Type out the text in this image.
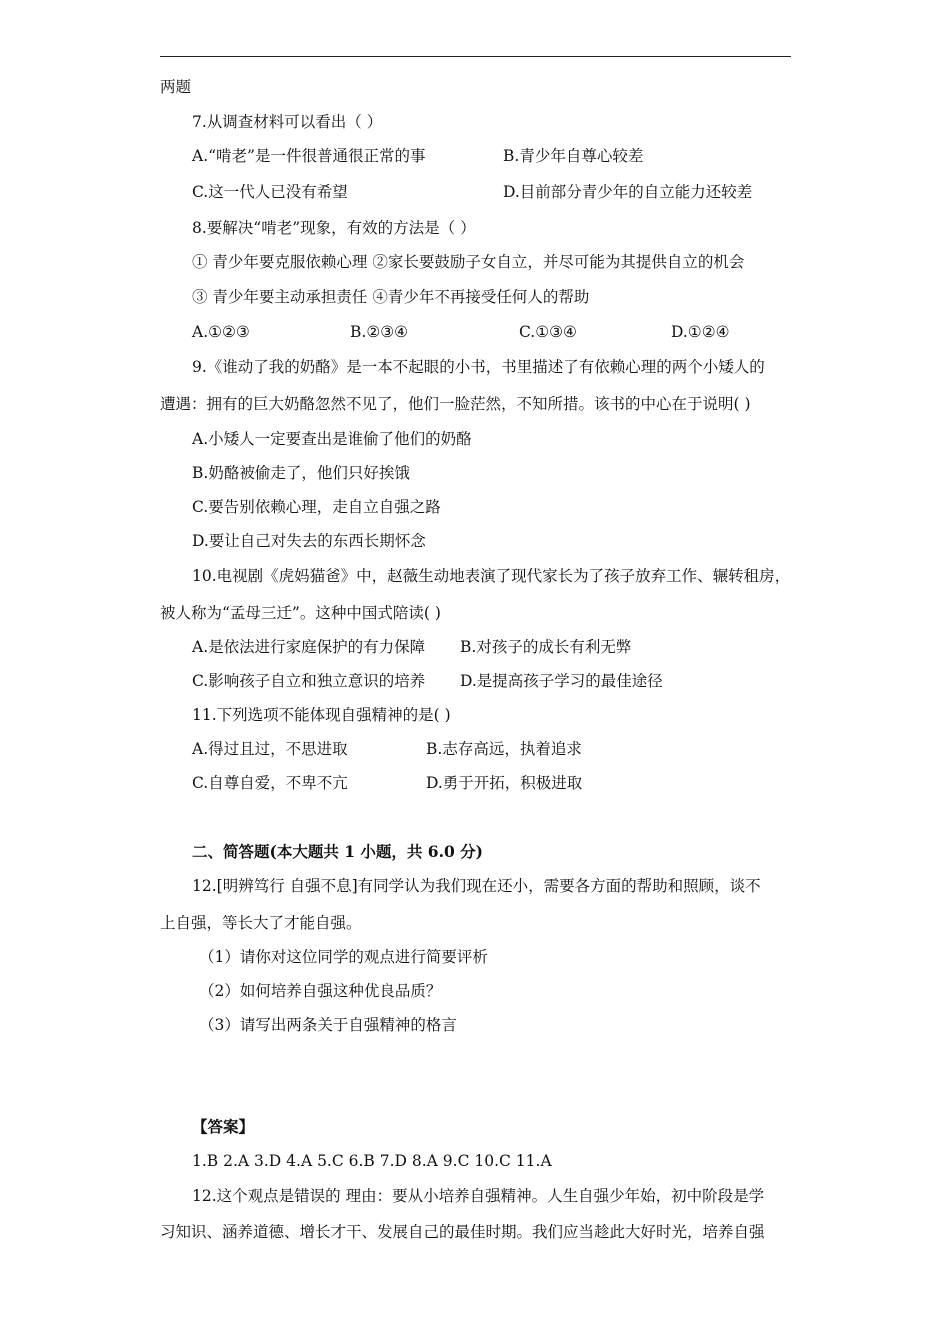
两题
7.从调查材料可以看出（ ）
A.“啃老”是一件很普通很正常的事	B.青少年自尊心较差
C.这一代人已没有希望	D.目前部分青少年的自立能力还较差
8.要解决“啃老”现象，有效的方法是（ ）
① 青少年要克服依赖心理 ②家长要鼓励子女自立，并尽可能为其提供自立的机会
③ 青少年要主动承担责任 ④青少年不再接受任何人的帮助
A.①②③	B.②③④	C.①③④	D.①②④
9.《谁动了我的奶酪》是一本不起眼的小书，书里描述了有依赖心理的两个小矮人的
遭遇：拥有的巨大奶酪忽然不见了，他们一脸茫然，不知所措。该书的中心在于说明( )
A.小矮人一定要查出是谁偷了他们的奶酪
B.奶酪被偷走了，他们只好挨饿
C.要告别依赖心理，走自立自强之路
D.要让自己对失去的东西长期怀念
10.电视剧《虎妈猫爸》中，赵薇生动地表演了现代家长为了孩子放弃工作、辗转租房，
被人称为“孟母三迁”。这种中国式陪读( )
A.是依法进行家庭保护的有力保障 B.对孩子的成长有利无弊
C.影响孩子自立和独立意识的培养 D.是提高孩子学习的最佳途径
11.下列选项不能体现自强精神的是( )
A.得过且过，不思进取	B.志存高远，执着追求
C.自尊自爱，不卑不亢	D.勇于开拓，积极进取
二、简答题(本大题共 1 小题，共 6.0 分)
12.[明辨笃行 自强不息]有同学认为我们现在还小，需要各方面的帮助和照顾，谈不
上自强，等长大了才能自强。
（1）请你对这位同学的观点进行简要评析
（2）如何培养自强这种优良品质？
（3）请写出两条关于自强精神的格言
【答案】
1.B 2.A 3.D 4.A 5.C 6.B 7.D 8.A 9.C 10.C 11.A
12.这个观点是错误的 理由：要从小培养自强精神。人生自强少年始，初中阶段是学
习知识、涵养道德、增长才干、发展自己的最佳时期。我们应当趁此大好时光，培养自强
